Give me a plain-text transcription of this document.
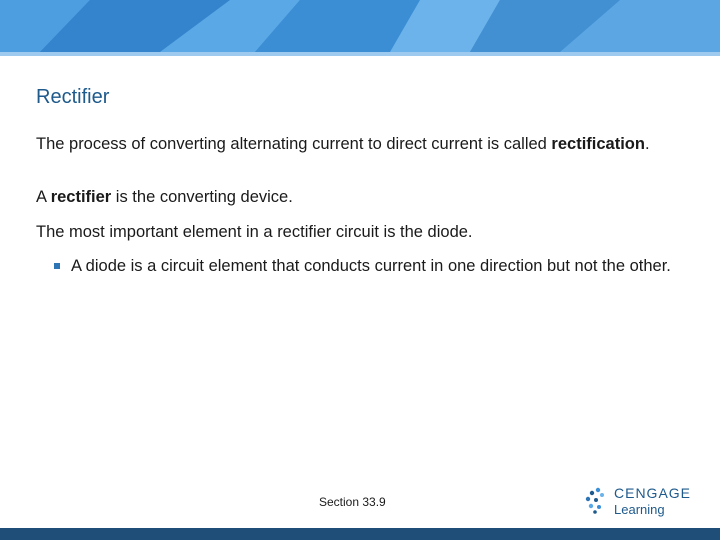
Rectifier

The process of converting alternating current to direct current is called rectification.

A rectifier is the converting device.

The most important element in a rectifier circuit is the diode.

A diode is a circuit element that conducts current in one direction but not the other.
Section 33.9
CENGAGE
Learning
